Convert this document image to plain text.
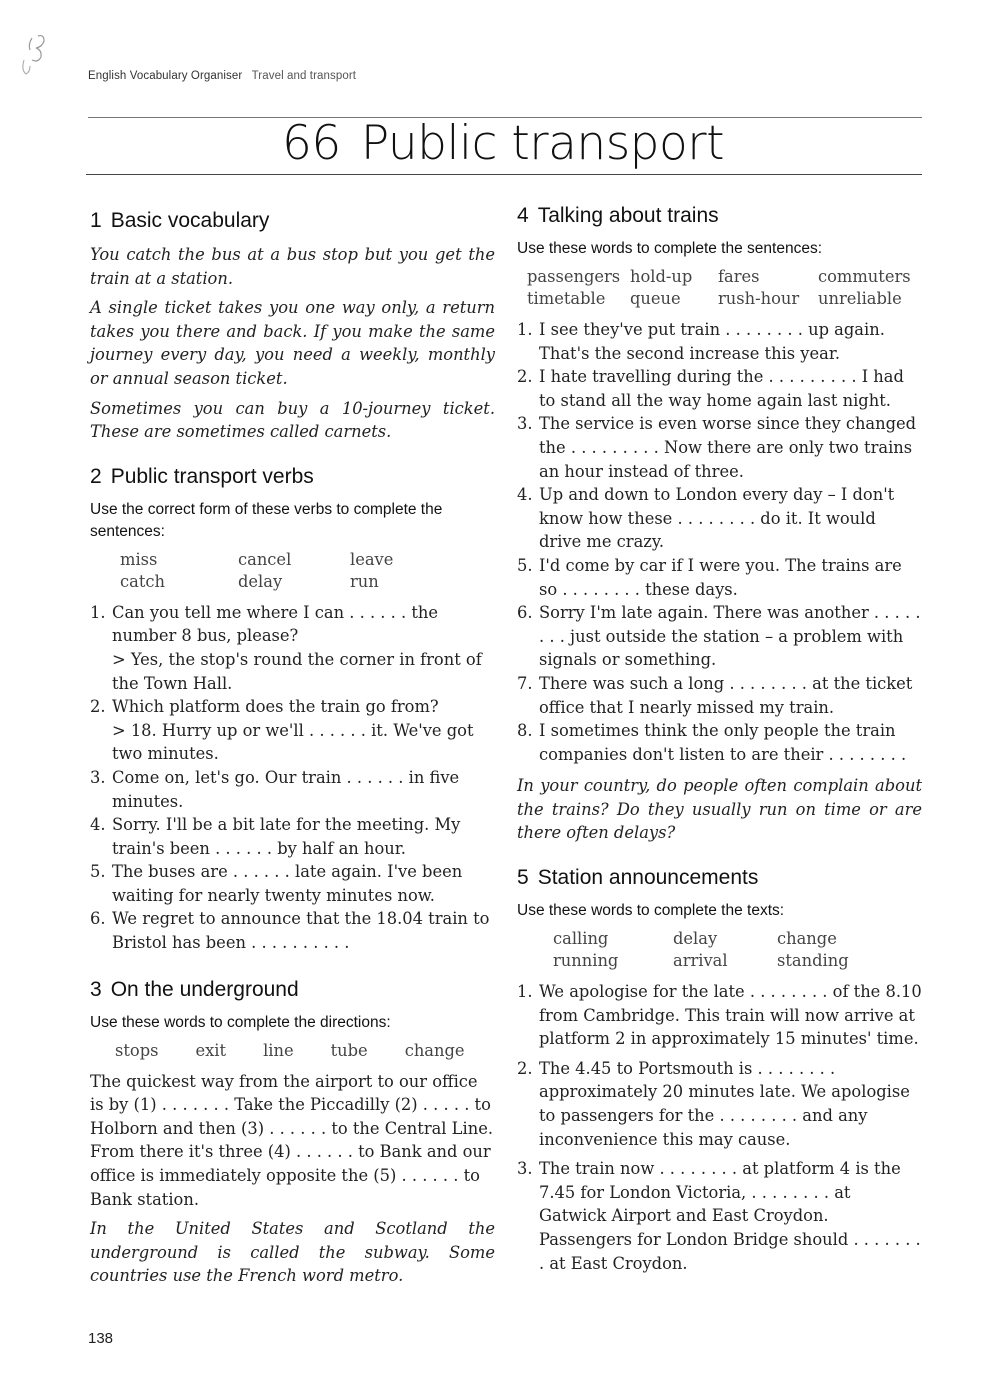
English Vocabulary Organiser Travel and transport
66 Public transport
1 Basic vocabulary

You catch the bus at a bus stop but you get the train at a station.

A single ticket takes you one way only, a return takes you there and back. If you make the same journey every day, you need a weekly, monthly or annual season ticket.

Sometimes you can buy a 10-journey ticket. These are sometimes called carnets.

2 Public transport verbs

Use the correct form of these verbs to complete the sentences:

miss	cancel	leave
catch	delay	run
1. Can you tell me where I can . . . . . . the number 8 bus, please?
> Yes, the stop's round the corner in front of the Town Hall.
2. Which platform does the train go from?
> 18. Hurry up or we'll . . . . . . it. We've got two minutes.
3. Come on, let's go. Our train . . . . . . in five minutes.
4. Sorry. I'll be a bit late for the meeting. My train's been . . . . . . by half an hour.
5. The buses are . . . . . . late again. I've been waiting for nearly twenty minutes now.
6. We regret to announce that the 18.04 train to Bristol has been . . . . . . . . . .
3 On the underground

Use these words to complete the directions:

stops exit line tube change

The quickest way from the airport to our office is by (1) . . . . . . . Take the Piccadilly (2) . . . . . to Holborn and then (3) . . . . . . to the Central Line. From there it's three (4) . . . . . . to Bank and our office is immediately opposite the (5) . . . . . . to Bank station.

In the United States and Scotland the underground is called the subway. Some countries use the French word metro.

4 Talking about trains

Use these words to complete the sentences:

passengers hold-up	fares	commuters
timetable	queue	rush-hour	unreliable
1. I see they've put train . . . . . . . . up again. That's the second increase this year.
2. I hate travelling during the . . . . . . . . . I had to stand all the way home again last night.
3. The service is even worse since they changed the . . . . . . . . . Now there are only two trains an hour instead of three.
4. Up and down to London every day – I don't know how these . . . . . . . . do it. It would drive me crazy.
5. I'd come by car if I were you. The trains are so . . . . . . . . these days.
6. Sorry I'm late again. There was another . . . . . . . . just outside the station – a problem with signals or something.
7. There was such a long . . . . . . . . at the ticket office that I nearly missed my train.
8. I sometimes think the only people the train companies don't listen to are their . . . . . . . .

In your country, do people often complain about the trains? Do they usually run on time or are there often delays?

5 Station announcements

Use these words to complete the texts:

calling	delay	change
running	arrival	standing
1. We apologise for the late . . . . . . . . of the 8.10 from Cambridge. This train will now arrive at platform 2 in approximately 15 minutes' time.
2. The 4.45 to Portsmouth is . . . . . . . . approximately 20 minutes late. We apologise to passengers for the . . . . . . . . and any inconvenience this may cause.
3. The train now . . . . . . . . at platform 4 is the 7.45 for London Victoria, . . . . . . . . at Gatwick Airport and East Croydon. Passengers for London Bridge should . . . . . . . . at East Croydon.
138
